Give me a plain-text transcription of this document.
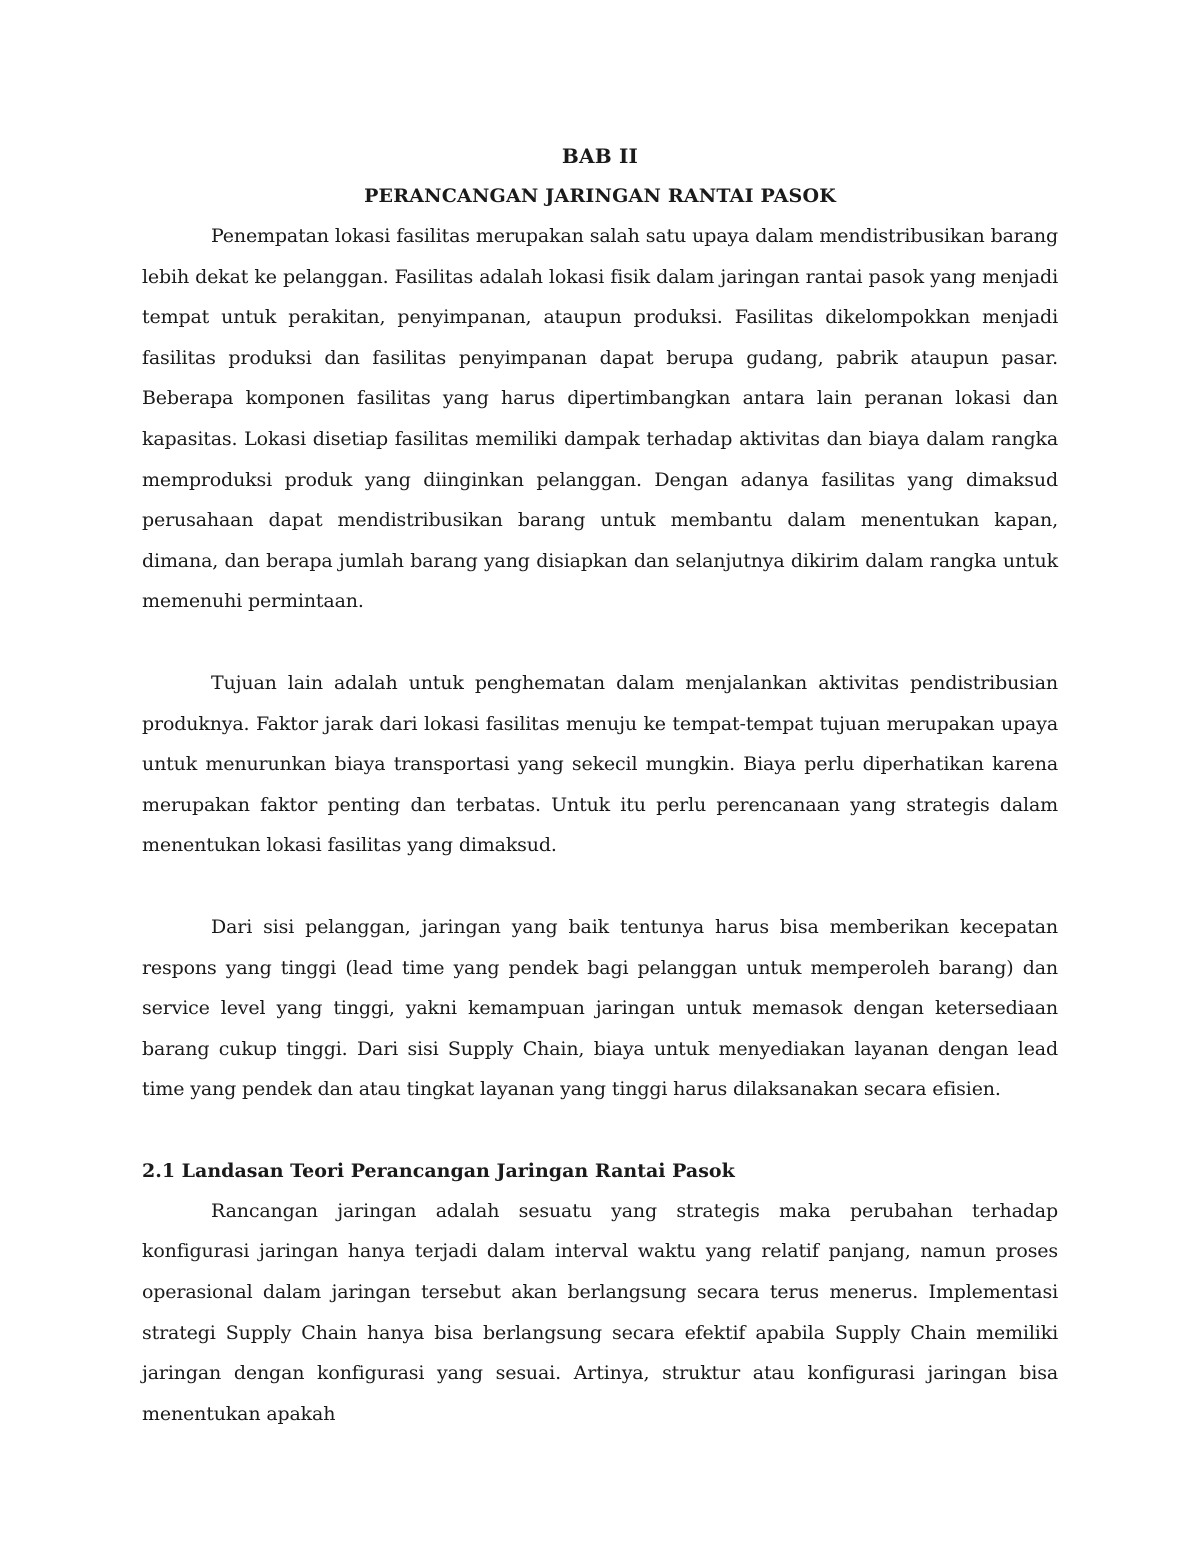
BAB II

PERANCANGAN JARINGAN RANTAI PASOK

Penempatan lokasi fasilitas merupakan salah satu upaya dalam mendistribusikan barang lebih dekat ke pelanggan. Fasilitas adalah lokasi fisik dalam jaringan rantai pasok yang menjadi tempat untuk perakitan, penyimpanan, ataupun produksi. Fasilitas dikelompokkan menjadi fasilitas produksi dan fasilitas penyimpanan dapat berupa gudang, pabrik ataupun pasar. Beberapa komponen fasilitas yang harus dipertimbangkan antara lain peranan lokasi dan kapasitas. Lokasi disetiap fasilitas memiliki dampak terhadap aktivitas dan biaya dalam rangka memproduksi produk yang diinginkan pelanggan. Dengan adanya fasilitas yang dimaksud perusahaan dapat mendistribusikan barang untuk membantu dalam menentukan kapan, dimana, dan berapa jumlah barang yang disiapkan dan selanjutnya dikirim dalam rangka untuk memenuhi permintaan.

Tujuan lain adalah untuk penghematan dalam menjalankan aktivitas pendistribusian produknya. Faktor jarak dari lokasi fasilitas menuju ke tempat-tempat tujuan merupakan upaya untuk menurunkan biaya transportasi yang sekecil mungkin. Biaya perlu diperhatikan karena merupakan faktor penting dan terbatas. Untuk itu perlu perencanaan yang strategis dalam menentukan lokasi fasilitas yang dimaksud.

Dari sisi pelanggan, jaringan yang baik tentunya harus bisa memberikan kecepatan respons yang tinggi (lead time yang pendek bagi pelanggan untuk memperoleh barang) dan service level yang tinggi, yakni kemampuan jaringan untuk memasok dengan ketersediaan barang cukup tinggi. Dari sisi Supply Chain, biaya untuk menyediakan layanan dengan lead time yang pendek dan atau tingkat layanan yang tinggi harus dilaksanakan secara efisien.

2.1 Landasan Teori Perancangan Jaringan Rantai Pasok

Rancangan jaringan adalah sesuatu yang strategis maka perubahan terhadap konfigurasi jaringan hanya terjadi dalam interval waktu yang relatif panjang, namun proses operasional dalam jaringan tersebut akan berlangsung secara terus menerus. Implementasi strategi Supply Chain hanya bisa berlangsung secara efektif apabila Supply Chain memiliki jaringan dengan konfigurasi yang sesuai. Artinya, struktur atau konfigurasi jaringan bisa menentukan apakah
